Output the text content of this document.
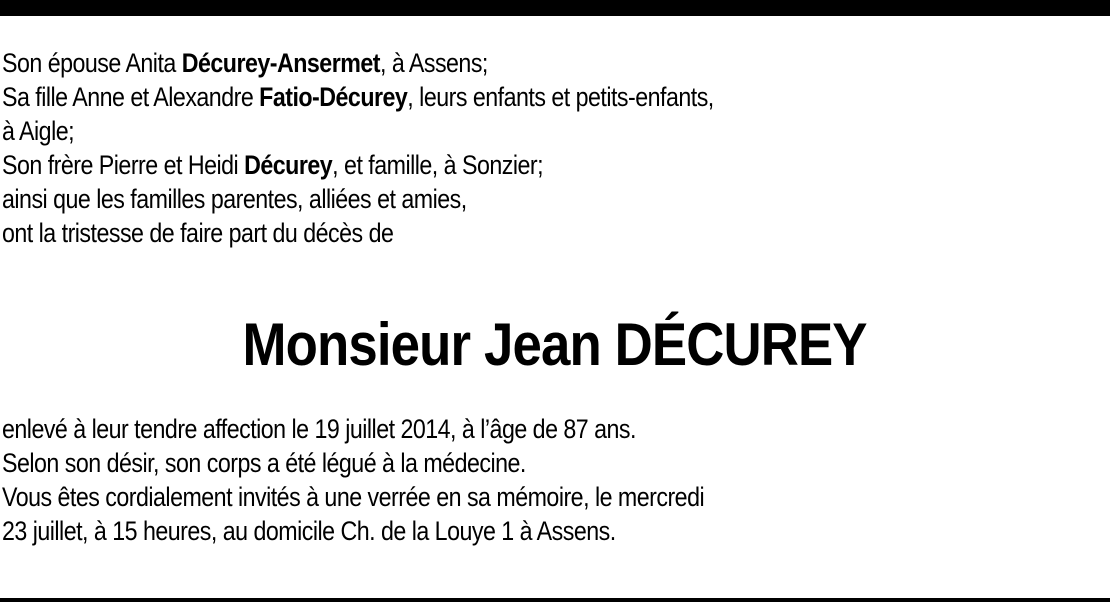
Son épouse Anita Décurey-Ansermet, à Assens;
Sa fille Anne et Alexandre Fatio-Décurey, leurs enfants et petits-enfants,
à Aigle;
Son frère Pierre et Heidi Décurey, et famille, à Sonzier;
ainsi que les familles parentes, alliées et amies,
ont la tristesse de faire part du décès de
Monsieur Jean DÉCUREY
enlevé à leur tendre affection le 19 juillet 2014, à l’âge de 87 ans.
Selon son désir, son corps a été légué à la médecine.
Vous êtes cordialement invités à une verrée en sa mémoire, le mercredi
23 juillet, à 15 heures, au domicile Ch. de la Louye 1 à Assens.
